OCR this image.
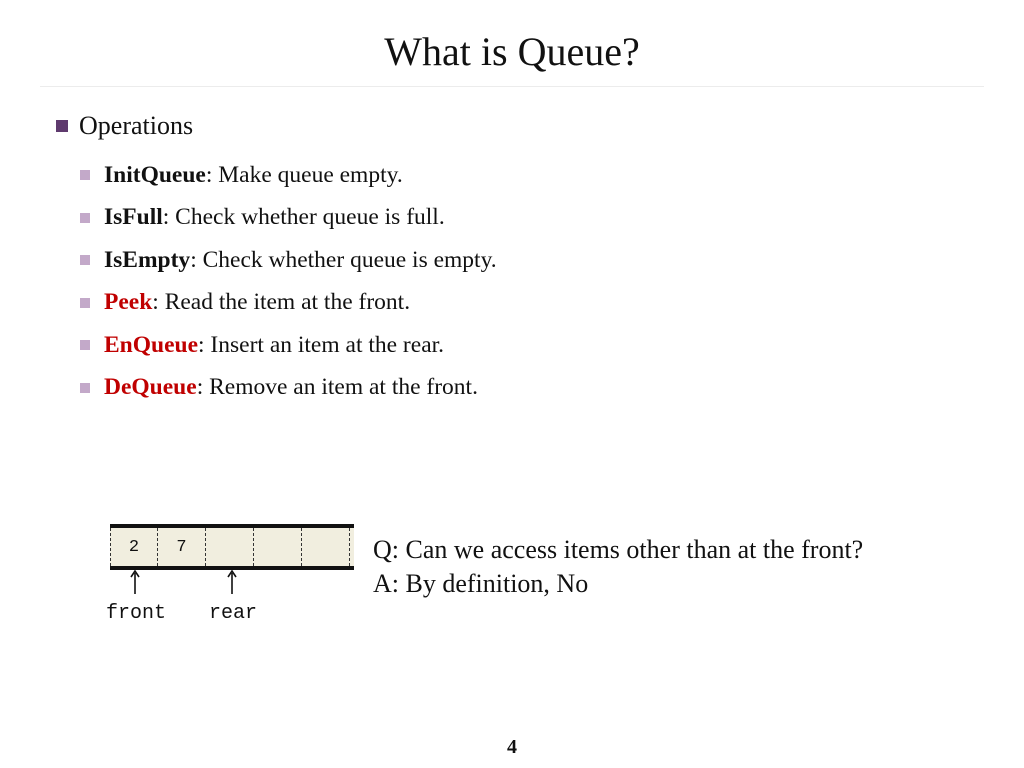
What is Queue?
Operations
InitQueue : Make queue empty.
IsFull : Check whether queue is full.
IsEmpty : Check whether queue is empty.
Peek : Read the item at the front.
EnQueue : Insert an item at the rear.
DeQueue : Remove an item at the front.
2	7
front rear
Q: Can we access items other than at the front?
A: By definition, No
4
